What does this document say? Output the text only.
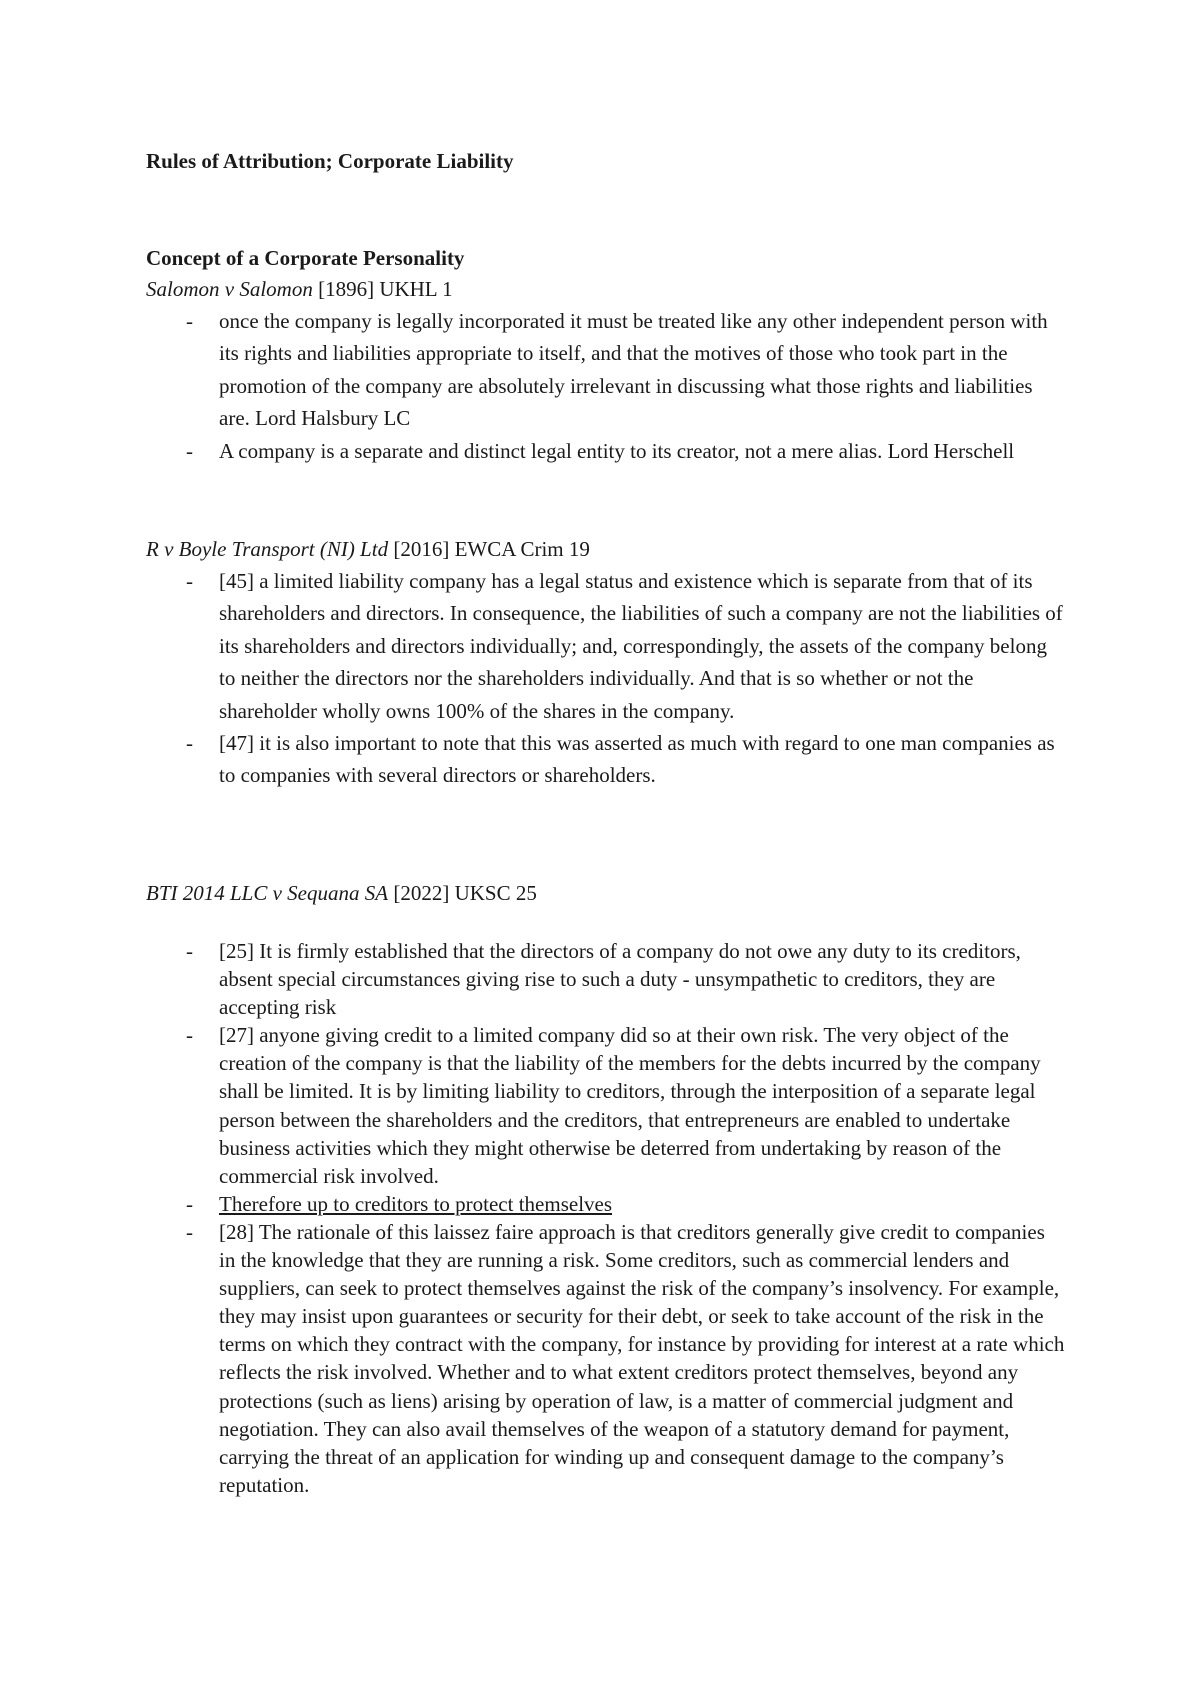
Rules of Attribution; Corporate Liability
Concept of a Corporate Personality

Salomon v Salomon [1896] UKHL 1

- once the company is legally incorporated it must be treated like any other independent person with its rights and liabilities appropriate to itself, and that the motives of those who took part in the promotion of the company are absolutely irrelevant in discussing what those rights and liabilities are. Lord Halsbury LC
- A company is a separate and distinct legal entity to its creator, not a mere alias. Lord Herschell

R v Boyle Transport (NI) Ltd [2016] EWCA Crim 19

- [45] a limited liability company has a legal status and existence which is separate from that of its shareholders and directors. In consequence, the liabilities of such a company are not the liabilities of its shareholders and directors individually; and, correspondingly, the assets of the company belong to neither the directors nor the shareholders individually. And that is so whether or not the shareholder wholly owns 100% of the shares in the company.
- [47] it is also important to note that this was asserted as much with regard to one man companies as to companies with several directors or shareholders.

BTI 2014 LLC v Sequana SA [2022] UKSC 25

- [25] It is firmly established that the directors of a company do not owe any duty to its creditors, absent special circumstances giving rise to such a duty - unsympathetic to creditors, they are accepting risk
- [27] anyone giving credit to a limited company did so at their own risk. The very object of the creation of the company is that the liability of the members for the debts incurred by the company shall be limited. It is by limiting liability to creditors, through the interposition of a separate legal person between the shareholders and the creditors, that entrepreneurs are enabled to undertake business activities which they might otherwise be deterred from undertaking by reason of the commercial risk involved.
- Therefore up to creditors to protect themselves
- [28] The rationale of this laissez faire approach is that creditors generally give credit to companies in the knowledge that they are running a risk. Some creditors, such as commercial lenders and suppliers, can seek to protect themselves against the risk of the company’s insolvency. For example, they may insist upon guarantees or security for their debt, or seek to take account of the risk in the terms on which they contract with the company, for instance by providing for interest at a rate which reflects the risk involved. Whether and to what extent creditors protect themselves, beyond any protections (such as liens) arising by operation of law, is a matter of commercial judgment and negotiation. They can also avail themselves of the weapon of a statutory demand for payment, carrying the threat of an application for winding up and consequent damage to the company’s reputation.
